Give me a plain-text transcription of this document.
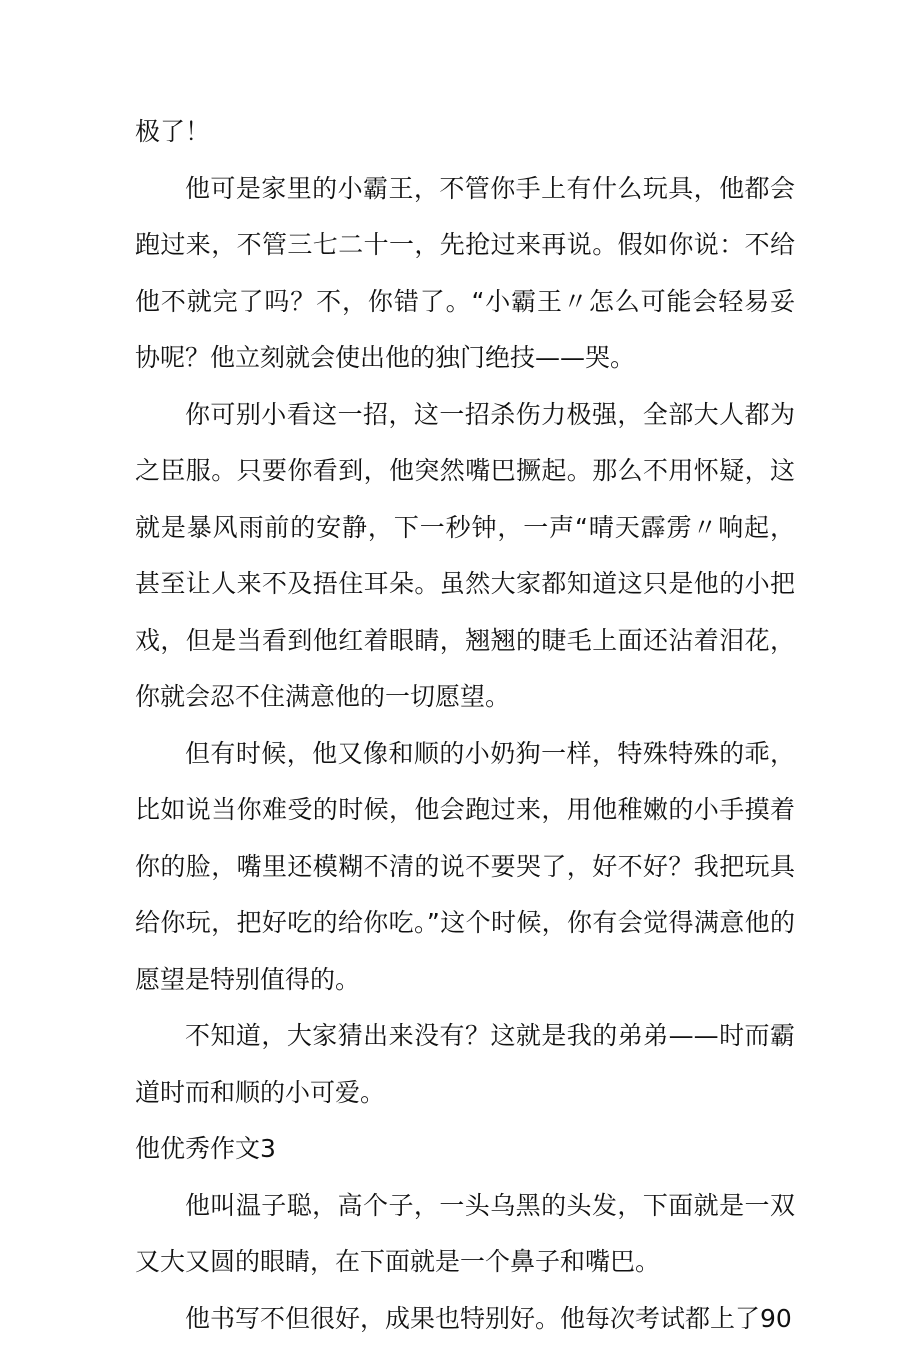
极了！

他可是家里的小霸王，不管你手上有什么玩具，他都会跑过来，不管三七二十一，先抢过来再说。假如你说：不给他不就完了吗？不，你错了。“小霸王〃怎么可能会轻易妥协呢？他立刻就会使出他的独门绝技——哭。

你可别小看这一招，这一招杀伤力极强，全部大人都为之臣服。只要你看到，他突然嘴巴撅起。那么不用怀疑，这就是暴风雨前的安静，下一秒钟，一声“晴天霹雳〃响起，甚至让人来不及捂住耳朵。虽然大家都知道这只是他的小把戏，但是当看到他红着眼睛，翘翘的睫毛上面还沾着泪花，你就会忍不住满意他的一切愿望。

但有时候，他又像和顺的小奶狗一样，特殊特殊的乖，比如说当你难受的时候，他会跑过来，用他稚嫩的小手摸着你的脸，嘴里还模糊不清的说不要哭了，好不好？我把玩具给你玩，把好吃的给你吃。”这个时候，你有会觉得满意他的愿望是特别值得的。

不知道，大家猜出来没有？这就是我的弟弟——时而霸道时而和顺的小可爱。

他优秀作文3

他叫温子聪，高个子，一头乌黑的头发，下面就是一双又大又圆的眼睛，在下面就是一个鼻子和嘴巴。

他书写不但很好，成果也特别好。他每次考试都上了90
